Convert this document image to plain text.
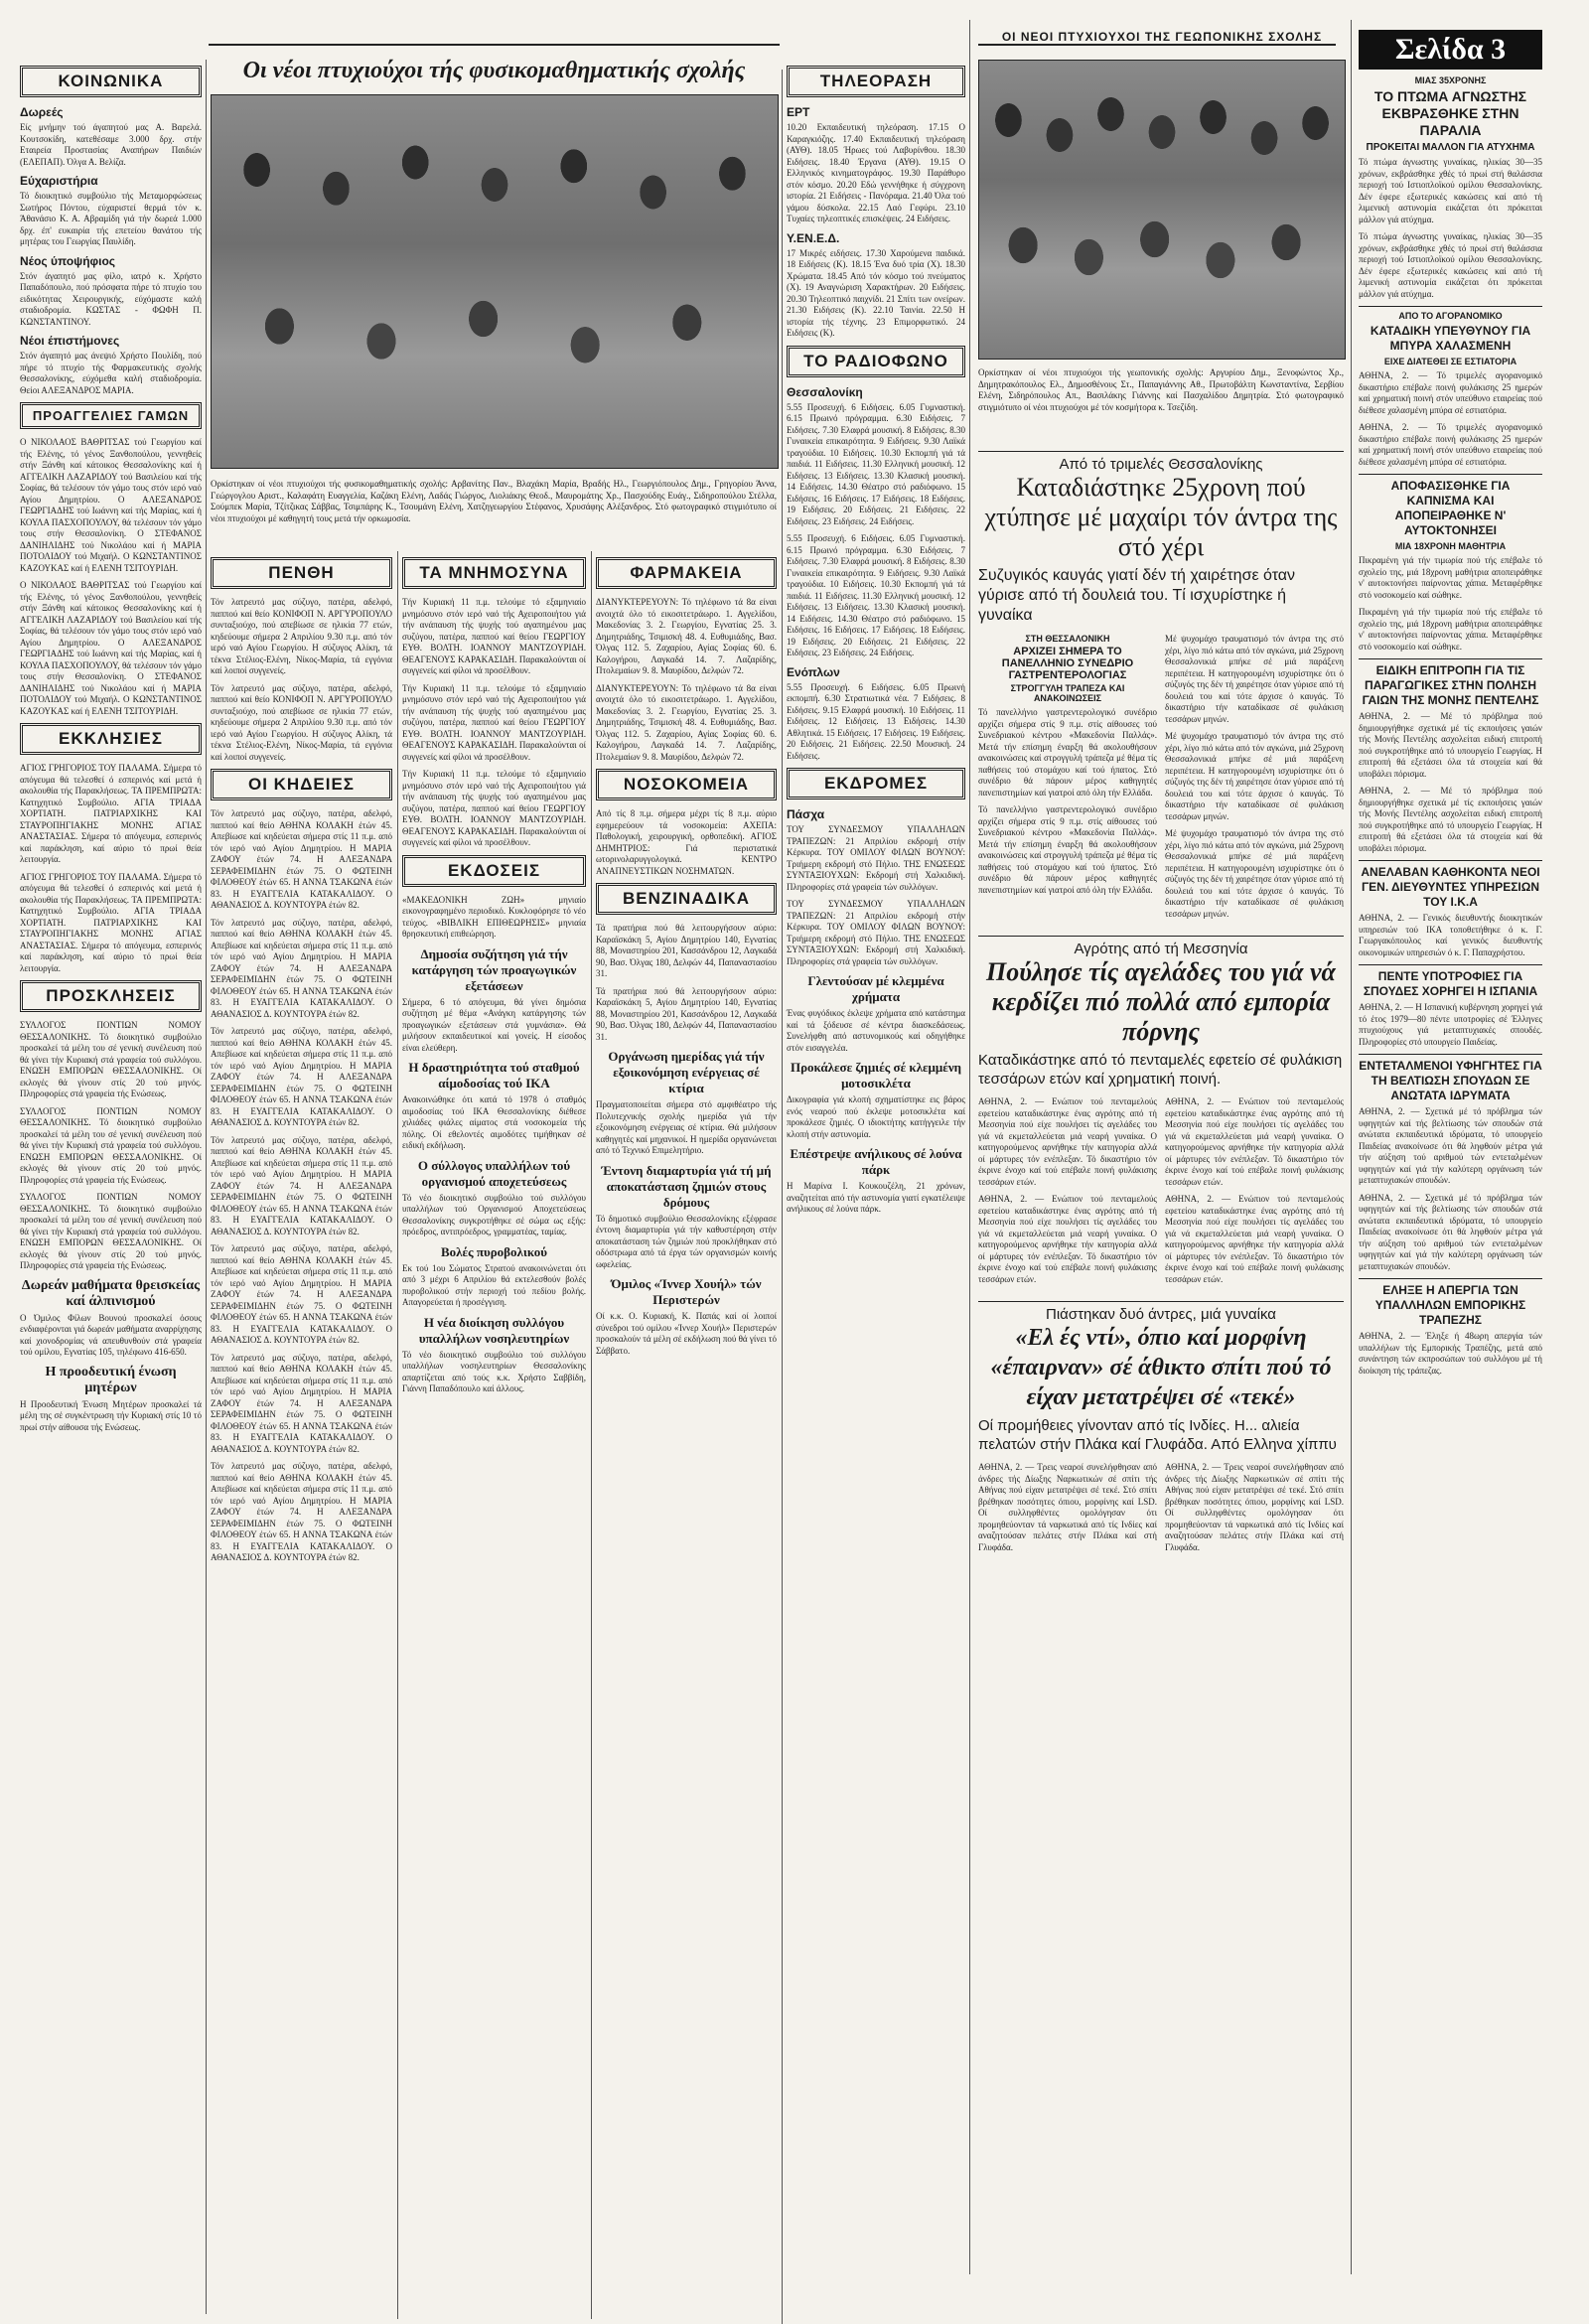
ΚΟΙΝΩΝΙΚΑ
Δωρεές

Είς μνήμην τού άγαπητού μας Α. Βαρελά. Κουτσοκίδη, κατεθέσαμε 3.000 δρχ. στήν Εταιρεία Προστασίας Αναπήρων Παιδιών (ΕΛΕΠΑΠ). Όλγα Α. Βελίζα.

Εύχαριστήρια

Τό διοικητικό συμβούλιο τής Μεταμορφώσεως Σωτήρος Πόντου, εύχαριστεί θερμά τόν κ. Άθανάσιο Κ. Α. Αβραμίδη γιά τήν δωρεά 1.000 δρχ. έπ' ευκαιρία τής επετείου θανάτου τής μητέρας του Γεωργίας Παυλίδη.

Νέος ύποψήφιος

Στόν άγαπητό μας φίλο, ιατρό κ. Χρήστο Παπαδόπουλο, πού πρόσφατα πήρε τό πτυχίο του ειδικότητας Χειρουργικής, εύχόμαστε καλή σταδιοδρομία. ΚΩΣΤΑΣ - ΦΩΦΗ Π. ΚΩΝΣΤΑΝΤΙΝΟΥ.

Νέοι έπιστήμονες

Στόν άγαπητό μας άνεψιό Χρήστο Πουλίδη, πού πήρε τό πτυχίο τής Φαρμακευτικής σχολής Θεσσαλονίκης, εύχόμεθα καλή σταδιοδρομία. Θείοι ΑΛΕΞΑΝΔΡΟΣ ΜΑΡΙΑ.

ΠΡΟΑΓΓΕΛΙΕΣ ΓΑΜΩΝ

Ο ΝΙΚΟΛΑΟΣ ΒΑΘΡΙΤΣΑΣ τού Γεωργίου καί τής Ελένης, τό γένος Ξανθοπούλου, γεννηθείς στήν Ξάνθη καί κάτοικος Θεσσαλονίκης καί ή ΑΓΓΕΛΙΚΗ ΛΑΖΑΡΙΔΟΥ τού Βασιλείου καί τής Σοφίας, θά τελέσουν τόν γάμο τους στόν ιερό ναό Αγίου Δημητρίου. Ο ΑΛΕΞΑΝΔΡΟΣ ΓΕΩΡΓΙΑΔΗΣ τού Ιωάννη καί τής Μαρίας, καί ή ΚΟΥΛΑ ΠΑΣΧΟΠΟΥΛΟΥ, θά τελέσουν τόν γάμο τους στήν Θεσσαλονίκη. Ο ΣΤΕΦΑΝΟΣ ΔΑΝΙΗΛΙΔΗΣ τού Νικολάου καί ή ΜΑΡΙΑ ΠΟΤΟΛΙΔΟΥ τού Μιχαήλ. Ο ΚΩΝΣΤΑΝΤΙΝΟΣ ΚΑΖΟΥΚΑΣ καί ή ΕΛΕΝΗ ΤΣΙΤΟΥΡΙΔΗ.

Ο ΝΙΚΟΛΑΟΣ ΒΑΘΡΙΤΣΑΣ τού Γεωργίου καί τής Ελένης, τό γένος Ξανθοπούλου, γεννηθείς στήν Ξάνθη καί κάτοικος Θεσσαλονίκης καί ή ΑΓΓΕΛΙΚΗ ΛΑΖΑΡΙΔΟΥ τού Βασιλείου καί τής Σοφίας, θά τελέσουν τόν γάμο τους στόν ιερό ναό Αγίου Δημητρίου. Ο ΑΛΕΞΑΝΔΡΟΣ ΓΕΩΡΓΙΑΔΗΣ τού Ιωάννη καί τής Μαρίας, καί ή ΚΟΥΛΑ ΠΑΣΧΟΠΟΥΛΟΥ, θά τελέσουν τόν γάμο τους στήν Θεσσαλονίκη. Ο ΣΤΕΦΑΝΟΣ ΔΑΝΙΗΛΙΔΗΣ τού Νικολάου καί ή ΜΑΡΙΑ ΠΟΤΟΛΙΔΟΥ τού Μιχαήλ. Ο ΚΩΝΣΤΑΝΤΙΝΟΣ ΚΑΖΟΥΚΑΣ καί ή ΕΛΕΝΗ ΤΣΙΤΟΥΡΙΔΗ.

ΕΚΚΛΗΣΙΕΣ

ΑΓΙΟΣ ΓΡΗΓΟΡΙΟΣ ΤΟΥ ΠΑΛΑΜΑ. Σήμερα τό απόγευμα θά τελεσθεί ό εσπερινός καί μετά ή ακολουθία τής Παρακλήσεως. ΤΑ ΠΡΕΜΠΡΩΤΑ: Κατηχητικό Συμβούλιο. ΑΓΙΑ ΤΡΙΑΔΑ ΧΟΡΤΙΑΤΗ. ΠΑΤΡΙΑΡΧΙΚΗΣ ΚΑΙ ΣΤΑΥΡΟΠΗΓΙΑΚΗΣ ΜΟΝΗΣ ΑΓΙΑΣ ΑΝΑΣΤΑΣΙΑΣ. Σήμερα τό απόγευμα, εσπερινός καί παράκληση, καί αύριο τό πρωί θεία λειτουργία.

ΑΓΙΟΣ ΓΡΗΓΟΡΙΟΣ ΤΟΥ ΠΑΛΑΜΑ. Σήμερα τό απόγευμα θά τελεσθεί ό εσπερινός καί μετά ή ακολουθία τής Παρακλήσεως. ΤΑ ΠΡΕΜΠΡΩΤΑ: Κατηχητικό Συμβούλιο. ΑΓΙΑ ΤΡΙΑΔΑ ΧΟΡΤΙΑΤΗ. ΠΑΤΡΙΑΡΧΙΚΗΣ ΚΑΙ ΣΤΑΥΡΟΠΗΓΙΑΚΗΣ ΜΟΝΗΣ ΑΓΙΑΣ ΑΝΑΣΤΑΣΙΑΣ. Σήμερα τό απόγευμα, εσπερινός καί παράκληση, καί αύριο τό πρωί θεία λειτουργία.

ΠΡΟΣΚΛΗΣΕΙΣ

ΣΥΛΛΟΓΟΣ ΠΟΝΤΙΩΝ ΝΟΜΟΥ ΘΕΣΣΑΛΟΝΙΚΗΣ. Τό διοικητικό συμβούλιο προσκαλεί τά μέλη του σέ γενική συνέλευση πού θά γίνει τήν Κυριακή στά γραφεία τού συλλόγου. ΕΝΩΣΗ ΕΜΠΟΡΩΝ ΘΕΣΣΑΛΟΝΙΚΗΣ. Οί εκλογές θά γίνουν στίς 20 τού μηνός. Πληροφορίες στά γραφεία τής Ενώσεως.

ΣΥΛΛΟΓΟΣ ΠΟΝΤΙΩΝ ΝΟΜΟΥ ΘΕΣΣΑΛΟΝΙΚΗΣ. Τό διοικητικό συμβούλιο προσκαλεί τά μέλη του σέ γενική συνέλευση πού θά γίνει τήν Κυριακή στά γραφεία τού συλλόγου. ΕΝΩΣΗ ΕΜΠΟΡΩΝ ΘΕΣΣΑΛΟΝΙΚΗΣ. Οί εκλογές θά γίνουν στίς 20 τού μηνός. Πληροφορίες στά γραφεία τής Ενώσεως.

ΣΥΛΛΟΓΟΣ ΠΟΝΤΙΩΝ ΝΟΜΟΥ ΘΕΣΣΑΛΟΝΙΚΗΣ. Τό διοικητικό συμβούλιο προσκαλεί τά μέλη του σέ γενική συνέλευση πού θά γίνει τήν Κυριακή στά γραφεία τού συλλόγου. ΕΝΩΣΗ ΕΜΠΟΡΩΝ ΘΕΣΣΑΛΟΝΙΚΗΣ. Οί εκλογές θά γίνουν στίς 20 τού μηνός. Πληροφορίες στά γραφεία τής Ενώσεως.

Δωρεάν μαθήματα θρεισκείας καί άλπινισμού

Ο Όμιλος Φίλων Βουνού προσκαλεί όσους ενδιαφέρονται γιά δωρεάν μαθήματα αναρρίχησης καί χιονοδρομίας νά απευθυνθούν στά γραφεία τού ομίλου, Εγνατίας 105, τηλέφωνο 416-650.

Η προοδευτική ένωση μητέρων

Η Προοδευτική Ένωση Μητέρων προσκαλεί τά μέλη της σέ συγκέντρωση τήν Κυριακή στίς 10 τό πρωί στήν αίθουσα τής Ενώσεως.

Οι νέοι πτυχιούχοι τής φυσικομαθηματικής σχολής

Ορκίστηκαν οί νέοι πτυχιούχοι τής φυσικομαθηματικής σχολής: Αρβανίτης Παν., Βλαχάκη Μαρία, Βραδής Ηλ., Γεωργιόπουλος Δημ., Γρηγορίου Άννα, Γεώργογλου Αριστ., Καλαφάτη Ευαγγελία, Καζάκη Ελένη, Λαδάς Γιώργος, Λιολιάκης Θεοδ., Μαυρομάτης Χρ., Πασχούδης Ευάγ., Σιδηροπούλου Στέλλα, Σούμπεκ Μαρία, Τζίτζικας Σάββας, Τσιμπάρης Κ., Τσουμάνη Ελένη, Χατζηγεωργίου Στέφανος, Χρυσάφης Αλέξανδρος. Στό φωτογραφικό στιγμιότυπο οί νέοι πτυχιούχοι μέ καθηγητή τους μετά τήν ορκωμοσία.

ΠΕΝΘΗ

Τόν λατρευτό μας σύζυγο, πατέρα, αδελφό, παππού καί θείο ΚΟΝΙΦΟΠ Ν. ΑΡΓΥΡΟΠΟΥΛΟ συνταξιούχο, πού απεβίωσε σε ηλικία 77 ετών, κηδεύουμε σήμερα 2 Απριλίου 9.30 π.μ. από τόν ιερό ναό Αγίου Γεωργίου. Η σύζυγος Αλίκη, τά τέκνα Στέλιος-Ελένη, Νίκος-Μαρία, τά εγγόνια καί λοιποί συγγενείς.

Τόν λατρευτό μας σύζυγο, πατέρα, αδελφό, παππού καί θείο ΚΟΝΙΦΟΠ Ν. ΑΡΓΥΡΟΠΟΥΛΟ συνταξιούχο, πού απεβίωσε σε ηλικία 77 ετών, κηδεύουμε σήμερα 2 Απριλίου 9.30 π.μ. από τόν ιερό ναό Αγίου Γεωργίου. Η σύζυγος Αλίκη, τά τέκνα Στέλιος-Ελένη, Νίκος-Μαρία, τά εγγόνια καί λοιποί συγγενείς.

ΟΙ ΚΗΔΕΙΕΣ

Τόν λατρευτό μας σύζυγο, πατέρα, αδελφό, παππού καί θείο ΑΘΗΝΑ ΚΟΛΑΚΗ έτών 45. Απεβίωσε καί κηδεύεται σήμερα στίς 11 π.μ. από τόν ιερό ναό Αγίου Δημητρίου. Η ΜΑΡΙΑ ΖΑΦΟΥ έτών 74. Η ΑΛΕΞΑΝΔΡΑ ΣΕΡΑΦΕΙΜΙΔΗΝ έτών 75. Ο ΦΩΤΕΙΝΗ ΦΙΛΟΘΕΟΥ έτών 65. Η ΑΝΝΑ ΤΣΑΚΩΝΑ έτών 83. Η ΕΥΑΓΓΕΛΙΑ ΚΑΤΑΚΑΛΙΔΟΥ. Ο ΑΘΑΝΑΣΙΟΣ Δ. ΚΟΥΝΤΟΥΡΑ έτών 82.

Τόν λατρευτό μας σύζυγο, πατέρα, αδελφό, παππού καί θείο ΑΘΗΝΑ ΚΟΛΑΚΗ έτών 45. Απεβίωσε καί κηδεύεται σήμερα στίς 11 π.μ. από τόν ιερό ναό Αγίου Δημητρίου. Η ΜΑΡΙΑ ΖΑΦΟΥ έτών 74. Η ΑΛΕΞΑΝΔΡΑ ΣΕΡΑΦΕΙΜΙΔΗΝ έτών 75. Ο ΦΩΤΕΙΝΗ ΦΙΛΟΘΕΟΥ έτών 65. Η ΑΝΝΑ ΤΣΑΚΩΝΑ έτών 83. Η ΕΥΑΓΓΕΛΙΑ ΚΑΤΑΚΑΛΙΔΟΥ. Ο ΑΘΑΝΑΣΙΟΣ Δ. ΚΟΥΝΤΟΥΡΑ έτών 82.

Τόν λατρευτό μας σύζυγο, πατέρα, αδελφό, παππού καί θείο ΑΘΗΝΑ ΚΟΛΑΚΗ έτών 45. Απεβίωσε καί κηδεύεται σήμερα στίς 11 π.μ. από τόν ιερό ναό Αγίου Δημητρίου. Η ΜΑΡΙΑ ΖΑΦΟΥ έτών 74. Η ΑΛΕΞΑΝΔΡΑ ΣΕΡΑΦΕΙΜΙΔΗΝ έτών 75. Ο ΦΩΤΕΙΝΗ ΦΙΛΟΘΕΟΥ έτών 65. Η ΑΝΝΑ ΤΣΑΚΩΝΑ έτών 83. Η ΕΥΑΓΓΕΛΙΑ ΚΑΤΑΚΑΛΙΔΟΥ. Ο ΑΘΑΝΑΣΙΟΣ Δ. ΚΟΥΝΤΟΥΡΑ έτών 82.

Τόν λατρευτό μας σύζυγο, πατέρα, αδελφό, παππού καί θείο ΑΘΗΝΑ ΚΟΛΑΚΗ έτών 45. Απεβίωσε καί κηδεύεται σήμερα στίς 11 π.μ. από τόν ιερό ναό Αγίου Δημητρίου. Η ΜΑΡΙΑ ΖΑΦΟΥ έτών 74. Η ΑΛΕΞΑΝΔΡΑ ΣΕΡΑΦΕΙΜΙΔΗΝ έτών 75. Ο ΦΩΤΕΙΝΗ ΦΙΛΟΘΕΟΥ έτών 65. Η ΑΝΝΑ ΤΣΑΚΩΝΑ έτών 83. Η ΕΥΑΓΓΕΛΙΑ ΚΑΤΑΚΑΛΙΔΟΥ. Ο ΑΘΑΝΑΣΙΟΣ Δ. ΚΟΥΝΤΟΥΡΑ έτών 82.

Τόν λατρευτό μας σύζυγο, πατέρα, αδελφό, παππού καί θείο ΑΘΗΝΑ ΚΟΛΑΚΗ έτών 45. Απεβίωσε καί κηδεύεται σήμερα στίς 11 π.μ. από τόν ιερό ναό Αγίου Δημητρίου. Η ΜΑΡΙΑ ΖΑΦΟΥ έτών 74. Η ΑΛΕΞΑΝΔΡΑ ΣΕΡΑΦΕΙΜΙΔΗΝ έτών 75. Ο ΦΩΤΕΙΝΗ ΦΙΛΟΘΕΟΥ έτών 65. Η ΑΝΝΑ ΤΣΑΚΩΝΑ έτών 83. Η ΕΥΑΓΓΕΛΙΑ ΚΑΤΑΚΑΛΙΔΟΥ. Ο ΑΘΑΝΑΣΙΟΣ Δ. ΚΟΥΝΤΟΥΡΑ έτών 82.

Τόν λατρευτό μας σύζυγο, πατέρα, αδελφό, παππού καί θείο ΑΘΗΝΑ ΚΟΛΑΚΗ έτών 45. Απεβίωσε καί κηδεύεται σήμερα στίς 11 π.μ. από τόν ιερό ναό Αγίου Δημητρίου. Η ΜΑΡΙΑ ΖΑΦΟΥ έτών 74. Η ΑΛΕΞΑΝΔΡΑ ΣΕΡΑΦΕΙΜΙΔΗΝ έτών 75. Ο ΦΩΤΕΙΝΗ ΦΙΛΟΘΕΟΥ έτών 65. Η ΑΝΝΑ ΤΣΑΚΩΝΑ έτών 83. Η ΕΥΑΓΓΕΛΙΑ ΚΑΤΑΚΑΛΙΔΟΥ. Ο ΑΘΑΝΑΣΙΟΣ Δ. ΚΟΥΝΤΟΥΡΑ έτών 82.

Τόν λατρευτό μας σύζυγο, πατέρα, αδελφό, παππού καί θείο ΑΘΗΝΑ ΚΟΛΑΚΗ έτών 45. Απεβίωσε καί κηδεύεται σήμερα στίς 11 π.μ. από τόν ιερό ναό Αγίου Δημητρίου. Η ΜΑΡΙΑ ΖΑΦΟΥ έτών 74. Η ΑΛΕΞΑΝΔΡΑ ΣΕΡΑΦΕΙΜΙΔΗΝ έτών 75. Ο ΦΩΤΕΙΝΗ ΦΙΛΟΘΕΟΥ έτών 65. Η ΑΝΝΑ ΤΣΑΚΩΝΑ έτών 83. Η ΕΥΑΓΓΕΛΙΑ ΚΑΤΑΚΑΛΙΔΟΥ. Ο ΑΘΑΝΑΣΙΟΣ Δ. ΚΟΥΝΤΟΥΡΑ έτών 82.

ΤΑ ΜΝΗΜΟΣΥΝΑ

Τήν Κυριακή 11 π.μ. τελούμε τό εξαμηνιαίο μνημόσυνο στόν ιερό ναό τής Αχειροποιήτου γιά τήν ανάπαυση τής ψυχής τού αγαπημένου μας συζύγου, πατέρα, παππού καί θείου ΓΕΩΡΓΙΟΥ ΕΥΘ. ΒΟΛΤΗ. ΙΟΑΝΝΟΥ ΜΑΝΤΖΟΥΡΙΔΗ. ΘΕΑΓΕΝΟΥΣ ΚΑΡΑΚΑΣΙΔΗ. Παρακαλούνται οί συγγενείς καί φίλοι νά προσέλθουν.

Τήν Κυριακή 11 π.μ. τελούμε τό εξαμηνιαίο μνημόσυνο στόν ιερό ναό τής Αχειροποιήτου γιά τήν ανάπαυση τής ψυχής τού αγαπημένου μας συζύγου, πατέρα, παππού καί θείου ΓΕΩΡΓΙΟΥ ΕΥΘ. ΒΟΛΤΗ. ΙΟΑΝΝΟΥ ΜΑΝΤΖΟΥΡΙΔΗ. ΘΕΑΓΕΝΟΥΣ ΚΑΡΑΚΑΣΙΔΗ. Παρακαλούνται οί συγγενείς καί φίλοι νά προσέλθουν.

Τήν Κυριακή 11 π.μ. τελούμε τό εξαμηνιαίο μνημόσυνο στόν ιερό ναό τής Αχειροποιήτου γιά τήν ανάπαυση τής ψυχής τού αγαπημένου μας συζύγου, πατέρα, παππού καί θείου ΓΕΩΡΓΙΟΥ ΕΥΘ. ΒΟΛΤΗ. ΙΟΑΝΝΟΥ ΜΑΝΤΖΟΥΡΙΔΗ. ΘΕΑΓΕΝΟΥΣ ΚΑΡΑΚΑΣΙΔΗ. Παρακαλούνται οί συγγενείς καί φίλοι νά προσέλθουν.

ΕΚΔΟΣΕΙΣ

«ΜΑΚΕΔΟΝΙΚΗ ΖΩΗ» μηνιαίο εικονογραφημένο περιοδικό. Κυκλοφόρησε τό νέο τεύχος. «ΒΙΒΛΙΚΗ ΕΠΙΘΕΩΡΗΣΙΣ» μηνιαία θρησκευτική επιθεώρηση.

Δημοσία συζήτηση γιά τήν κατάργηση τών προαγωγικών εξετάσεων

Σήμερα, 6 τό απόγευμα, θά γίνει δημόσια συζήτηση μέ θέμα «Ανάγκη κατάργησης τών προαγωγικών εξετάσεων στά γυμνάσια». Θά μιλήσουν εκπαιδευτικοί καί γονείς. Η είσοδος είναι ελεύθερη.

Η δραστηριότητα τού σταθμού αίμοδοσίας τού ΙΚΑ

Ανακοινώθηκε ότι κατά τό 1978 ό σταθμός αιμοδοσίας τού ΙΚΑ Θεσσαλονίκης διέθεσε χιλιάδες φιάλες αίματος στά νοσοκομεία τής πόλης. Οί εθελοντές αιμοδότες τιμήθηκαν σέ ειδική εκδήλωση.

Ο σύλλογος υπαλλήλων τού οργανισμού αποχετεύσεως

Τό νέο διοικητικό συμβούλιο τού συλλόγου υπαλλήλων τού Οργανισμού Αποχετεύσεως Θεσσαλονίκης συγκροτήθηκε σέ σώμα ως εξής: πρόεδρος, αντιπρόεδρος, γραμματέας, ταμίας.

Βολές πυροβολικού

Εκ τού 1ου Σώματος Στρατού ανακοινώνεται ότι από 3 μέχρι 6 Απριλίου θά εκτελεσθούν βολές πυροβολικού στήν περιοχή τού πεδίου βολής. Απαγορεύεται ή προσέγγιση.

Η νέα διοίκηση συλλόγου υπαλλήλων νοσηλευτηρίων

Τό νέο διοικητικό συμβούλιο τού συλλόγου υπαλλήλων νοσηλευτηρίων Θεσσαλονίκης απαρτίζεται από τούς κ.κ. Χρήστο Σαββίδη, Γιάννη Παπαδόπουλο καί άλλους.

ΦΑΡΜΑΚΕΙΑ

ΔΙΑΝΥΚΤΕΡΕΥΟΥΝ: Τό τηλέφωνο τά 8α είναι ανοιχτά όλο τό εικοσιτετράωρο. 1. Αγγελίδου, Μακεδονίας 3. 2. Γεωργίου, Εγνατίας 25. 3. Δημητριάδης, Τσιμισκή 48. 4. Ευθυμιάδης, Βασ. Όλγας 112. 5. Ζαχαρίου, Αγίας Σοφίας 60. 6. Καλογήρου, Λαγκαδά 14. 7. Λαζαρίδης, Πτολεμαίων 9. 8. Μαυρίδου, Δελφών 72.

ΔΙΑΝΥΚΤΕΡΕΥΟΥΝ: Τό τηλέφωνο τά 8α είναι ανοιχτά όλο τό εικοσιτετράωρο. 1. Αγγελίδου, Μακεδονίας 3. 2. Γεωργίου, Εγνατίας 25. 3. Δημητριάδης, Τσιμισκή 48. 4. Ευθυμιάδης, Βασ. Όλγας 112. 5. Ζαχαρίου, Αγίας Σοφίας 60. 6. Καλογήρου, Λαγκαδά 14. 7. Λαζαρίδης, Πτολεμαίων 9. 8. Μαυρίδου, Δελφών 72.

ΝΟΣΟΚΟΜΕΙΑ

Από τίς 8 π.μ. σήμερα μέχρι τίς 8 π.μ. αύριο εφημερεύουν τά νοσοκομεία: ΑΧΕΠΑ: Παθολογική, χειρουργική, ορθοπεδική. ΑΓΙΟΣ ΔΗΜΗΤΡΙΟΣ: Γιά περιστατικά ωτορινολαρυγγολογικά. ΚΕΝΤΡΟ ΑΝΑΠΝΕΥΣΤΙΚΩΝ ΝΟΣΗΜΑΤΩΝ.

ΒΕΝΖΙΝΑΔΙΚΑ

Τά πρατήρια πού θά λειτουργήσουν αύριο: Καραϊσκάκη 5, Αγίου Δημητρίου 140, Εγνατίας 88, Μοναστηρίου 201, Κασσάνδρου 12, Λαγκαδά 90, Βασ. Όλγας 180, Δελφών 44, Παπαναστασίου 31.

Τά πρατήρια πού θά λειτουργήσουν αύριο: Καραϊσκάκη 5, Αγίου Δημητρίου 140, Εγνατίας 88, Μοναστηρίου 201, Κασσάνδρου 12, Λαγκαδά 90, Βασ. Όλγας 180, Δελφών 44, Παπαναστασίου 31.

Οργάνωση ημερίδας γιά τήν εξοικονόμηση ενέργειας σέ κτίρια

Πραγματοποιείται σήμερα στό αμφιθέατρο τής Πολυτεχνικής σχολής ημερίδα γιά τήν εξοικονόμηση ενέργειας σέ κτίρια. Θά μιλήσουν καθηγητές καί μηχανικοί. Η ημερίδα οργανώνεται από τό Τεχνικό Επιμελητήριο.

Έντονη διαμαρτυρία γιά τή μή αποκατάσταση ζημιών στους δρόμους

Τό δημοτικό συμβούλιο Θεσσαλονίκης εξέφρασε έντονη διαμαρτυρία γιά τήν καθυστέρηση στήν αποκατάσταση τών ζημιών πού προκλήθηκαν στό οδόστρωμα από τά έργα τών οργανισμών κοινής ωφελείας.

Όμιλος «Ίννερ Χουήλ» τών Περιστερών

Οί κ.κ. Ο. Κυριακή, Κ. Παπάς καί οί λοιποί σύνεδροι τού ομίλου «Ίννερ Χουήλ» Περιστερών προσκαλούν τά μέλη σέ εκδήλωση πού θά γίνει τό Σάββατο.

ΤΗΛΕΟΡΑΣΗ
ΕΡΤ

10.20 Εκπαιδευτική τηλεόραση. 17.15 Ο Καραγκιόζης. 17.40 Εκπαιδευτική τηλεόραση (ΑΥΘ). 18.05 Ήρωες τού Λαβυρίνθου. 18.30 Ειδήσεις. 18.40 Έργανα (ΑΥΘ). 19.15 Ο Ελληνικός κινηματογράφος. 19.30 Παράθυρο στόν κόσμο. 20.20 Εδώ γεννήθηκε ή σύγχρονη ιστορία. 21 Ειδήσεις - Πανόραμα. 21.40 Όλα τού γάμου δύσκολα. 22.15 Λαό Γεφύρι. 23.10 Τυχαίες τηλεοπτικές επισκέψεις. 24 Ειδήσεις.

Υ.ΕΝ.Ε.Δ.

17 Μικρές ειδήσεις. 17.30 Χαρούμενα παιδικά. 18 Ειδήσεις (Κ). 18.15 Ένα δυό τρία (Χ). 18.30 Χρώματα. 18.45 Από τόν κόσμο τού πνεύματος (Χ). 19 Αναγνώριση Χαρακτήρων. 20 Ειδήσεις. 20.30 Τηλεοπτικό παιχνίδι. 21 Σπίτι των ονείρων. 21.30 Ειδήσεις (Κ). 22.10 Ταινία. 22.50 Η ιστορία τής τέχνης. 23 Επιμορφωτικό. 24 Ειδήσεις (Κ).

ΤΟ ΡΑΔΙΟΦΩΝΟ
Θεσσαλονίκη

5.55 Προσευχή. 6 Ειδήσεις. 6.05 Γυμναστική. 6.15 Πρωινό πρόγραμμα. 6.30 Ειδήσεις. 7 Ειδήσεις. 7.30 Ελαφρά μουσική. 8 Ειδήσεις. 8.30 Γυναικεία επικαιρότητα. 9 Ειδήσεις. 9.30 Λαϊκά τραγούδια. 10 Ειδήσεις. 10.30 Εκπομπή γιά τά παιδιά. 11 Ειδήσεις. 11.30 Ελληνική μουσική. 12 Ειδήσεις. 13 Ειδήσεις. 13.30 Κλασική μουσική. 14 Ειδήσεις. 14.30 Θέατρο στό ραδιόφωνο. 15 Ειδήσεις. 16 Ειδήσεις. 17 Ειδήσεις. 18 Ειδήσεις. 19 Ειδήσεις. 20 Ειδήσεις. 21 Ειδήσεις. 22 Ειδήσεις. 23 Ειδήσεις. 24 Ειδήσεις.

5.55 Προσευχή. 6 Ειδήσεις. 6.05 Γυμναστική. 6.15 Πρωινό πρόγραμμα. 6.30 Ειδήσεις. 7 Ειδήσεις. 7.30 Ελαφρά μουσική. 8 Ειδήσεις. 8.30 Γυναικεία επικαιρότητα. 9 Ειδήσεις. 9.30 Λαϊκά τραγούδια. 10 Ειδήσεις. 10.30 Εκπομπή γιά τά παιδιά. 11 Ειδήσεις. 11.30 Ελληνική μουσική. 12 Ειδήσεις. 13 Ειδήσεις. 13.30 Κλασική μουσική. 14 Ειδήσεις. 14.30 Θέατρο στό ραδιόφωνο. 15 Ειδήσεις. 16 Ειδήσεις. 17 Ειδήσεις. 18 Ειδήσεις. 19 Ειδήσεις. 20 Ειδήσεις. 21 Ειδήσεις. 22 Ειδήσεις. 23 Ειδήσεις. 24 Ειδήσεις.

Ενόπλων

5.55 Προσευχή. 6 Ειδήσεις. 6.05 Πρωινή εκπομπή. 6.30 Στρατιωτικά νέα. 7 Ειδήσεις. 8 Ειδήσεις. 9.15 Ελαφρά μουσική. 10 Ειδήσεις. 11 Ειδήσεις. 12 Ειδήσεις. 13 Ειδήσεις. 14.30 Αθλητικά. 15 Ειδήσεις. 17 Ειδήσεις. 19 Ειδήσεις. 20 Ειδήσεις. 21 Ειδήσεις. 22.50 Μουσική. 24 Ειδήσεις.

ΕΚΔΡΟΜΕΣ
Πάσχα

ΤΟΥ ΣΥΝΔΕΣΜΟΥ ΥΠΑΛΛΗΛΩΝ ΤΡΑΠΕΖΩΝ: 21 Απριλίου εκδρομή στήν Κέρκυρα. ΤΟΥ ΟΜΙΛΟΥ ΦΙΛΩΝ ΒΟΥΝΟΥ: Τριήμερη εκδρομή στό Πήλιο. ΤΗΣ ΕΝΩΣΕΩΣ ΣΥΝΤΑΞΙΟΥΧΩΝ: Εκδρομή στή Χαλκιδική. Πληροφορίες στά γραφεία τών συλλόγων.

ΤΟΥ ΣΥΝΔΕΣΜΟΥ ΥΠΑΛΛΗΛΩΝ ΤΡΑΠΕΖΩΝ: 21 Απριλίου εκδρομή στήν Κέρκυρα. ΤΟΥ ΟΜΙΛΟΥ ΦΙΛΩΝ ΒΟΥΝΟΥ: Τριήμερη εκδρομή στό Πήλιο. ΤΗΣ ΕΝΩΣΕΩΣ ΣΥΝΤΑΞΙΟΥΧΩΝ: Εκδρομή στή Χαλκιδική. Πληροφορίες στά γραφεία τών συλλόγων.

Γλεντούσαν μέ κλεμμένα χρήματα

Ένας φυγόδικος έκλεψε χρήματα από κατάστημα καί τά ξόδευσε σέ κέντρα διασκεδάσεως. Συνελήφθη από αστυνομικούς καί οδηγήθηκε στόν εισαγγελέα.

Προκάλεσε ζημιές σέ κλεμμένη μοτοσικλέτα

Δικογραφία γιά κλοπή σχηματίστηκε εις βάρος ενός νεαρού πού έκλεψε μοτοσικλέτα καί προκάλεσε ζημιές. Ο ιδιοκτήτης κατήγγειλε τήν κλοπή στήν αστυνομία.

Επέστρεψε ανήλικους σέ λούνα πάρκ

Η Μαρίνα Ι. Κουκουζέλη, 21 χρόνων, αναζητείται από τήν αστυνομία γιατί εγκατέλειψε ανήλικους σέ λούνα πάρκ.

ΟΙ ΝΕΟΙ ΠΤΥΧΙΟΥΧΟΙ ΤΗΣ ΓΕΩΠΟΝΙΚΗΣ ΣΧΟΛΗΣ

Ορκίστηκαν οί νέοι πτυχιούχοι τής γεωπονικής σχολής: Αργυρίου Δημ., Ξενοφώντος Χρ., Δημητρακόπουλος Ελ., Δημοσθένους Στ., Παπαγιάννης Αθ., Πρωτοβάλτη Κωνσταντίνα, Σερβίου Ελένη, Σιδηρόπουλος Απ., Βασιλάκης Γιάννης καί Πασχαλίδου Δημητρία. Στό φωτογραφικό στιγμιότυπο οί νέοι πτυχιούχοι μέ τόν κοσμήτορα κ. Τσεζίδη.

Από τό τριμελές Θεσσαλονίκης
Καταδιάστηκε 25χρονη πού χτύπησε μέ μαχαίρι τόν άντρα της στό χέρι
Συζυγικός καυγάς γιατί δέν τή χαιρέτησε όταν γύρισε από τή δουλειά του. Τί ισχυρίστηκε ή γυναίκα
ΣΤΗ ΘΕΣΣΑΛΟΝΙΚΗ
ΑΡΧΙΖΕΙ ΣΗΜΕΡΑ ΤΟ ΠΑΝΕΛΛΗΝΙΟ ΣΥΝΕΔΡΙΟ ΓΑΣΤΡΕΝΤΕΡΟΛΟΓΙΑΣ
ΣΤΡΟΓΓΥΛΗ ΤΡΑΠΕΖΑ ΚΑΙ ΑΝΑΚΟΙΝΩΣΕΙΣ

Τό πανελλήνιο γαστρεντερολογικό συνέδριο αρχίζει σήμερα στίς 9 π.μ. στίς αίθουσες τού Συνεδριακού κέντρου «Μακεδονία Παλλάς». Μετά τήν επίσημη έναρξη θά ακολουθήσουν ανακοινώσεις καί στρογγυλή τράπεζα μέ θέμα τίς παθήσεις τού στομάχου καί τού ήπατος. Στό συνέδριο θά πάρουν μέρος καθηγητές πανεπιστημίων καί γιατροί από όλη τήν Ελλάδα.

Τό πανελλήνιο γαστρεντερολογικό συνέδριο αρχίζει σήμερα στίς 9 π.μ. στίς αίθουσες τού Συνεδριακού κέντρου «Μακεδονία Παλλάς». Μετά τήν επίσημη έναρξη θά ακολουθήσουν ανακοινώσεις καί στρογγυλή τράπεζα μέ θέμα τίς παθήσεις τού στομάχου καί τού ήπατος. Στό συνέδριο θά πάρουν μέρος καθηγητές πανεπιστημίων καί γιατροί από όλη τήν Ελλάδα.

Μέ ψυχομάχο τραυματισμό τόν άντρα της στό χέρι, λίγο πιό κάτω από τόν αγκώνα, μιά 25χρονη Θεσσαλονικιά μπήκε σέ μιά παράξενη περιπέτεια. Η κατηγορουμένη ισχυρίστηκε ότι ό σύζυγός της δέν τή χαιρέτησε όταν γύρισε από τή δουλειά του καί τότε άρχισε ό καυγάς. Τό δικαστήριο τήν καταδίκασε σέ φυλάκιση τεσσάρων μηνών.

Μέ ψυχομάχο τραυματισμό τόν άντρα της στό χέρι, λίγο πιό κάτω από τόν αγκώνα, μιά 25χρονη Θεσσαλονικιά μπήκε σέ μιά παράξενη περιπέτεια. Η κατηγορουμένη ισχυρίστηκε ότι ό σύζυγός της δέν τή χαιρέτησε όταν γύρισε από τή δουλειά του καί τότε άρχισε ό καυγάς. Τό δικαστήριο τήν καταδίκασε σέ φυλάκιση τεσσάρων μηνών.

Μέ ψυχομάχο τραυματισμό τόν άντρα της στό χέρι, λίγο πιό κάτω από τόν αγκώνα, μιά 25χρονη Θεσσαλονικιά μπήκε σέ μιά παράξενη περιπέτεια. Η κατηγορουμένη ισχυρίστηκε ότι ό σύζυγός της δέν τή χαιρέτησε όταν γύρισε από τή δουλειά του καί τότε άρχισε ό καυγάς. Τό δικαστήριο τήν καταδίκασε σέ φυλάκιση τεσσάρων μηνών.

Αγρότης από τή Μεσσηνία
Πούλησε τίς αγελάδες του γιά νά κερδίζει πιό πολλά από εμπορία πόρνης
Καταδικάστηκε από τό πενταμελές εφετείο σέ φυλάκιση τεσσάρων ετών καί χρηματική ποινή.

ΑΘΗΝΑ, 2. — Ενώπιον τού πενταμελούς εφετείου καταδικάστηκε ένας αγρότης από τή Μεσσηνία πού είχε πουλήσει τίς αγελάδες του γιά νά εκμεταλλεύεται μιά νεαρή γυναίκα. Ο κατηγορούμενος αρνήθηκε τήν κατηγορία αλλά οί μάρτυρες τόν ενέπλεξαν. Τό δικαστήριο τόν έκρινε ένοχο καί τού επέβαλε ποινή φυλάκισης τεσσάρων ετών.

ΑΘΗΝΑ, 2. — Ενώπιον τού πενταμελούς εφετείου καταδικάστηκε ένας αγρότης από τή Μεσσηνία πού είχε πουλήσει τίς αγελάδες του γιά νά εκμεταλλεύεται μιά νεαρή γυναίκα. Ο κατηγορούμενος αρνήθηκε τήν κατηγορία αλλά οί μάρτυρες τόν ενέπλεξαν. Τό δικαστήριο τόν έκρινε ένοχο καί τού επέβαλε ποινή φυλάκισης τεσσάρων ετών.

ΑΘΗΝΑ, 2. — Ενώπιον τού πενταμελούς εφετείου καταδικάστηκε ένας αγρότης από τή Μεσσηνία πού είχε πουλήσει τίς αγελάδες του γιά νά εκμεταλλεύεται μιά νεαρή γυναίκα. Ο κατηγορούμενος αρνήθηκε τήν κατηγορία αλλά οί μάρτυρες τόν ενέπλεξαν. Τό δικαστήριο τόν έκρινε ένοχο καί τού επέβαλε ποινή φυλάκισης τεσσάρων ετών.

ΑΘΗΝΑ, 2. — Ενώπιον τού πενταμελούς εφετείου καταδικάστηκε ένας αγρότης από τή Μεσσηνία πού είχε πουλήσει τίς αγελάδες του γιά νά εκμεταλλεύεται μιά νεαρή γυναίκα. Ο κατηγορούμενος αρνήθηκε τήν κατηγορία αλλά οί μάρτυρες τόν ενέπλεξαν. Τό δικαστήριο τόν έκρινε ένοχο καί τού επέβαλε ποινή φυλάκισης τεσσάρων ετών.

Πιάστηκαν δυό άντρες, μιά γυναίκα
«Ελ ές ντί», όπιο καί μορφίνη «έπαιρναν» σέ άθικτο σπίτι πού τό είχαν μετατρέψει σέ «τεκέ»
Οί προμήθειες γίνονταν από τίς Ινδίες. Η... αλιεία πελατών στήν Πλάκα καί Γλυφάδα. Από Ελληνα χίππυ

ΑΘΗΝΑ, 2. — Τρεις νεαροί συνελήφθησαν από άνδρες τής Δίωξης Ναρκωτικών σέ σπίτι τής Αθήνας πού είχαν μετατρέψει σέ τεκέ. Στό σπίτι βρέθηκαν ποσότητες όπιου, μορφίνης καί LSD. Οί συλληφθέντες ομολόγησαν ότι προμηθεύονταν τά ναρκωτικά από τίς Ινδίες καί αναζητούσαν πελάτες στήν Πλάκα καί στή Γλυφάδα.

ΑΘΗΝΑ, 2. — Τρεις νεαροί συνελήφθησαν από άνδρες τής Δίωξης Ναρκωτικών σέ σπίτι τής Αθήνας πού είχαν μετατρέψει σέ τεκέ. Στό σπίτι βρέθηκαν ποσότητες όπιου, μορφίνης καί LSD. Οί συλληφθέντες ομολόγησαν ότι προμηθεύονταν τά ναρκωτικά από τίς Ινδίες καί αναζητούσαν πελάτες στήν Πλάκα καί στή Γλυφάδα.

Σελίδα 3
ΜΙΑΣ 35ΧΡΟΝΗΣ
ΤΟ ΠΤΩΜΑ ΑΓΝΩΣΤΗΣ ΕΚΒΡΑΣΘΗΚΕ ΣΤΗΝ ΠΑΡΑΛΙΑ
ΠΡΟΚΕΙΤΑΙ ΜΑΛΛΟΝ ΓΙΑ ΑΤΥΧΗΜΑ

Τό πτώμα άγνωστης γυναίκας, ηλικίας 30—35 χρόνων, εκβράσθηκε χθές τό πρωί στή θαλάσσια περιοχή τού Ιστιοπλοϊκού ομίλου Θεσσαλονίκης. Δέν έφερε εξωτερικές κακώσεις καί από τή λιμενική αστυνομία εικάζεται ότι πρόκειται μάλλον γιά ατύχημα.

Τό πτώμα άγνωστης γυναίκας, ηλικίας 30—35 χρόνων, εκβράσθηκε χθές τό πρωί στή θαλάσσια περιοχή τού Ιστιοπλοϊκού ομίλου Θεσσαλονίκης. Δέν έφερε εξωτερικές κακώσεις καί από τή λιμενική αστυνομία εικάζεται ότι πρόκειται μάλλον γιά ατύχημα.

ΑΠΟ ΤΟ ΑΓΟΡΑΝΟΜΙΚΟ
ΚΑΤΑΔΙΚΗ ΥΠΕΥΘΥΝΟΥ ΓΙΑ ΜΠΥΡΑ ΧΑΛΑΣΜΕΝΗ
ΕΙΧΕ ΔΙΑΤΕΘΕΙ ΣΕ ΕΣΤΙΑΤΟΡΙΑ

ΑΘΗΝΑ, 2. — Τό τριμελές αγορανομικό δικαστήριο επέβαλε ποινή φυλάκισης 25 ημερών καί χρηματική ποινή στόν υπεύθυνο εταιρείας πού διέθεσε χαλασμένη μπύρα σέ εστιατόρια.

ΑΘΗΝΑ, 2. — Τό τριμελές αγορανομικό δικαστήριο επέβαλε ποινή φυλάκισης 25 ημερών καί χρηματική ποινή στόν υπεύθυνο εταιρείας πού διέθεσε χαλασμένη μπύρα σέ εστιατόρια.

ΑΠΟΦΑΣΙΣΘΗΚΕ ΓΙΑ ΚΑΠΝΙΣΜΑ ΚΑΙ ΑΠΟΠΕΙΡΑΘΗΚΕ Ν' ΑΥΤΟΚΤΟΝΗΣΕΙ
ΜΙΑ 18ΧΡΟΝΗ ΜΑΘΗΤΡΙΑ

Πικραμένη γιά τήν τιμωρία πού τής επέβαλε τό σχολείο της, μιά 18χρονη μαθήτρια αποπειράθηκε ν' αυτοκτονήσει παίρνοντας χάπια. Μεταφέρθηκε στό νοσοκομείο καί σώθηκε.

Πικραμένη γιά τήν τιμωρία πού τής επέβαλε τό σχολείο της, μιά 18χρονη μαθήτρια αποπειράθηκε ν' αυτοκτονήσει παίρνοντας χάπια. Μεταφέρθηκε στό νοσοκομείο καί σώθηκε.

ΕΙΔΙΚΗ ΕΠΙΤΡΟΠΗ ΓΙΑ ΤΙΣ ΠΑΡΑΓΩΓΙΚΕΣ ΣΤΗΝ ΠΟΛΗΣΗ ΓΑΙΩΝ ΤΗΣ ΜΟΝΗΣ ΠΕΝΤΕΛΗΣ

ΑΘΗΝΑ, 2. — Μέ τό πρόβλημα πού δημιουργήθηκε σχετικά μέ τίς εκποιήσεις γαιών τής Μονής Πεντέλης ασχολείται ειδική επιτροπή πού συγκροτήθηκε από τό υπουργείο Γεωργίας. Η επιτροπή θά εξετάσει όλα τά στοιχεία καί θά υποβάλει πόρισμα.

ΑΘΗΝΑ, 2. — Μέ τό πρόβλημα πού δημιουργήθηκε σχετικά μέ τίς εκποιήσεις γαιών τής Μονής Πεντέλης ασχολείται ειδική επιτροπή πού συγκροτήθηκε από τό υπουργείο Γεωργίας. Η επιτροπή θά εξετάσει όλα τά στοιχεία καί θά υποβάλει πόρισμα.

ΑΝΕΛΑΒΑΝ ΚΑΘΗΚΟΝΤΑ ΝΕΟΙ ΓΕΝ. ΔΙΕΥΘΥΝΤΕΣ ΥΠΗΡΕΣΙΩΝ ΤΟΥ Ι.Κ.Α

ΑΘΗΝΑ, 2. — Γενικός διευθυντής διοικητικών υπηρεσιών τού ΙΚΑ τοποθετήθηκε ό κ. Γ. Γεωργακόπουλος καί γενικός διευθυντής οικονομικών υπηρεσιών ό κ. Γ. Παπαχρήστου.

ΠΕΝΤΕ ΥΠΟΤΡΟΦΙΕΣ ΓΙΑ ΣΠΟΥΔΕΣ ΧΟΡΗΓΕΙ Η ΙΣΠΑΝΙΑ

ΑΘΗΝΑ, 2. — Η Ισπανική κυβέρνηση χορηγεί γιά τό έτος 1979—80 πέντε υποτροφίες σέ Έλληνες πτυχιούχους γιά μεταπτυχιακές σπουδές. Πληροφορίες στό υπουργείο Παιδείας.

ΕΝΤΕΤΑΛΜΕΝΟΙ ΥΦΗΓΗΤΕΣ ΓΙΑ ΤΗ ΒΕΛΤΙΩΣΗ ΣΠΟΥΔΩΝ ΣΕ ΑΝΩΤΑΤΑ ΙΔΡΥΜΑΤΑ

ΑΘΗΝΑ, 2. — Σχετικά μέ τό πρόβλημα τών υφηγητών καί τής βελτίωσης τών σπουδών στά ανώτατα εκπαιδευτικά ιδρύματα, τό υπουργείο Παιδείας ανακοίνωσε ότι θά ληφθούν μέτρα γιά τήν αύξηση τού αριθμού τών εντεταλμένων υφηγητών καί γιά τήν καλύτερη οργάνωση τών μεταπτυχιακών σπουδών.

ΑΘΗΝΑ, 2. — Σχετικά μέ τό πρόβλημα τών υφηγητών καί τής βελτίωσης τών σπουδών στά ανώτατα εκπαιδευτικά ιδρύματα, τό υπουργείο Παιδείας ανακοίνωσε ότι θά ληφθούν μέτρα γιά τήν αύξηση τού αριθμού τών εντεταλμένων υφηγητών καί γιά τήν καλύτερη οργάνωση τών μεταπτυχιακών σπουδών.

ΕΛΗΞΕ Η ΑΠΕΡΓΙΑ ΤΩΝ ΥΠΑΛΛΗΛΩΝ ΕΜΠΟΡΙΚΗΣ ΤΡΑΠΕΖΗΣ

ΑΘΗΝΑ, 2. — Έληξε ή 48ωρη απεργία τών υπαλλήλων τής Εμπορικής Τραπέζης, μετά από συνάντηση τών εκπροσώπων τού συλλόγου μέ τή διοίκηση τής τράπεζας.
